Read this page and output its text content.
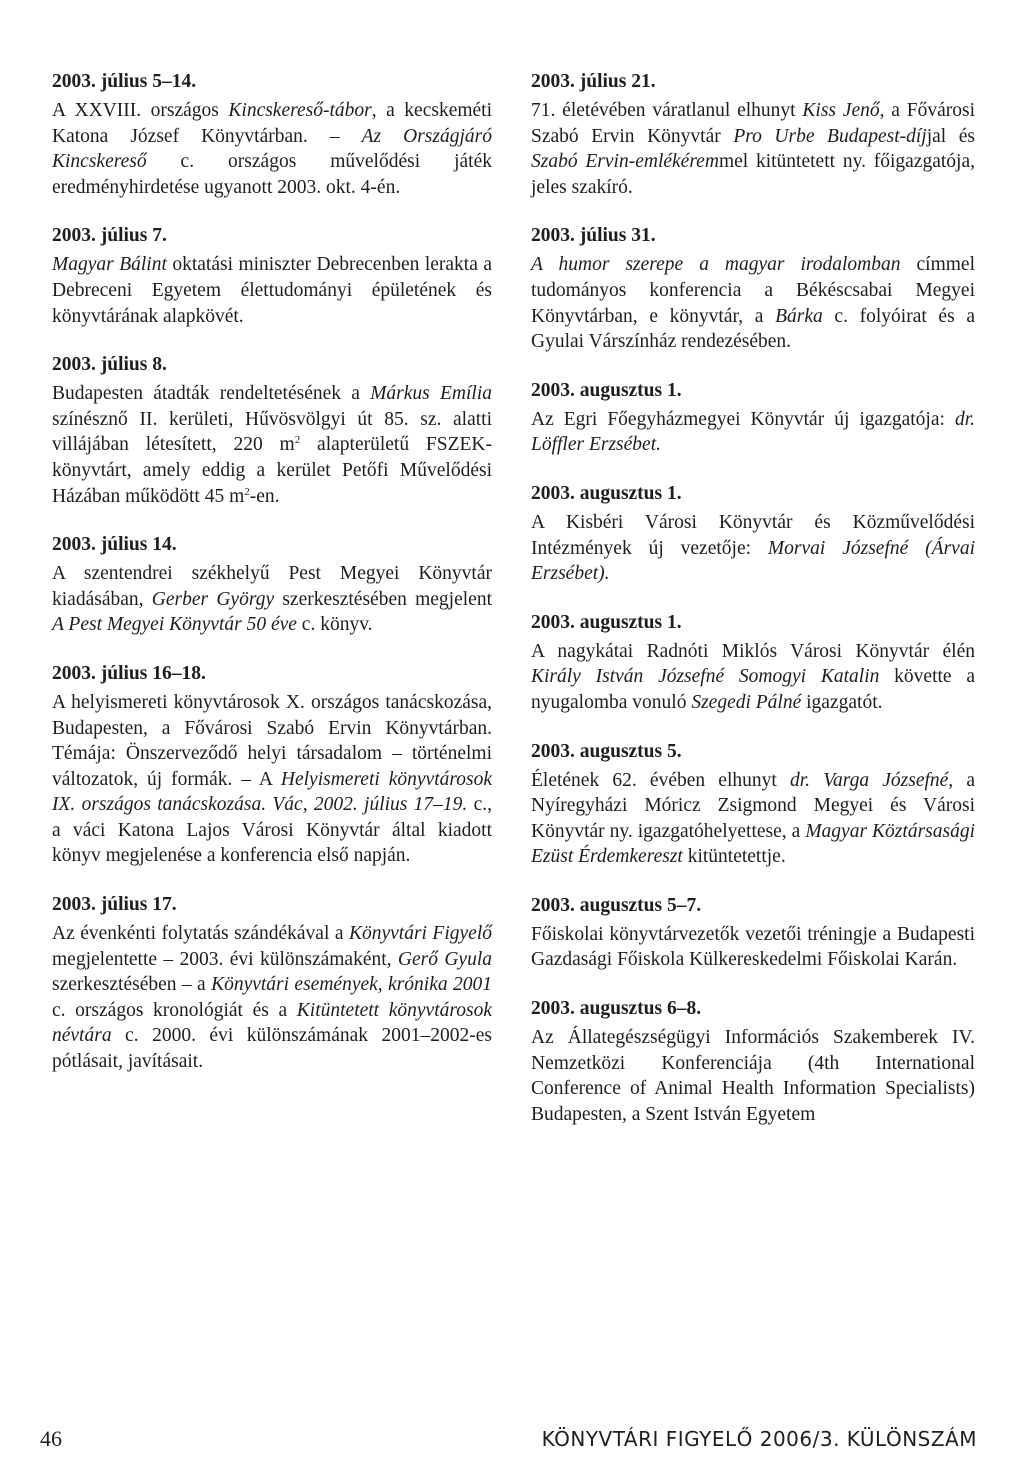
2003. július 5–14.

A XXVIII. országos Kincskereső-tábor, a kecskeméti Katona József Könyvtárban. – Az Országjáró Kincskereső c. országos művelődési játék eredményhirdetése ugyanott 2003. okt. 4-én.

2003. július 7.

Magyar Bálint oktatási miniszter Debrecenben lerakta a Debreceni Egyetem élettudományi épületének és könyvtárának alapkövét.

2003. július 8.

Budapesten átadták rendeltetésének a Márkus Emília színésznő II. kerületi, Hűvösvölgyi út 85. sz. alatti villájában létesített, 220 $m^2$ alapterületű FSZEK-könyvtárt, amely eddig a kerület Petőfi Művelődési Házában működött 45 $m^2-en$.

2003. július 14.

A szentendrei székhelyű Pest Megyei Könyvtár kiadásában, Gerber György szerkesztésében megjelent A Pest Megyei Könyvtár 50 éve c. könyv.

2003. július 16–18.

A helyismereti könyvtárosok X. országos tanácskozása, Budapesten, a Fővárosi Szabó Ervin Könyvtárban. Témája: Önszerveződő helyi társadalom – történelmi változatok, új formák. – A Helyismereti könyvtárosok IX. országos tanácskozása. Vác, 2002. július 17–19. c., a váci Katona Lajos Városi Könyvtár által kiadott könyv megjelenése a konferencia első napján.

2003. július 17.

Az évenkénti folytatás szándékával a Könyvtári Figyelő megjelentette – 2003. évi különszámaként, Gerő Gyula szerkesztésében – a Könyvtári események, krónika 2001 c. országos kronológiát és a Kitüntetett könyvtárosok névtára c. 2000. évi különszámának 2001–2002-es pótlásait, javításait.

2003. július 21.

71. életévében váratlanul elhunyt Kiss Jenő, a Fővárosi Szabó Ervin Könyvtár Pro Urbe Budapest-díjjal és Szabó Ervin-emlékéremmel kitüntetett ny. főigazgatója, jeles szakíró.

2003. július 31.

A humor szerepe a magyar irodalomban címmel tudományos konferencia a Békéscsabai Megyei Könyvtárban, e könyvtár, a Bárka c. folyóirat és a Gyulai Várszínház rendezésében.

2003. augusztus 1.

Az Egri Főegyházmegyei Könyvtár új igazgatója: dr. Löffler Erzsébet.

2003. augusztus 1.

A Kisbéri Városi Könyvtár és Közművelődési Intézmények új vezetője: Morvai Józsefné (Árvai Erzsébet).

2003. augusztus 1.

A nagykátai Radnóti Miklós Városi Könyvtár élén Király István Józsefné Somogyi Katalin követte a nyugalomba vonuló Szegedi Pálné igazgatót.

2003. augusztus 5.

Életének 62. évében elhunyt dr. Varga Józsefné, a Nyíregyházi Móricz Zsigmond Megyei és Városi Könyvtár ny. igazgatóhelyettese, a Magyar Köztársasági Ezüst Érdemkereszt kitüntetettje.

2003. augusztus 5–7.

Főiskolai könyvtárvezetők vezetői tréningje a Budapesti Gazdasági Főiskola Külkereskedelmi Főiskolai Karán.

2003. augusztus 6–8.

Az Állategészségügyi Információs Szakemberek IV. Nemzetközi Konferenciája (4th International Conference of Animal Health Information Specialists) Budapesten, a Szent István Egyetem

46	KÖNYVTÁRI FIGYELŐ 2006/3. KÜLÖNSZÁM
